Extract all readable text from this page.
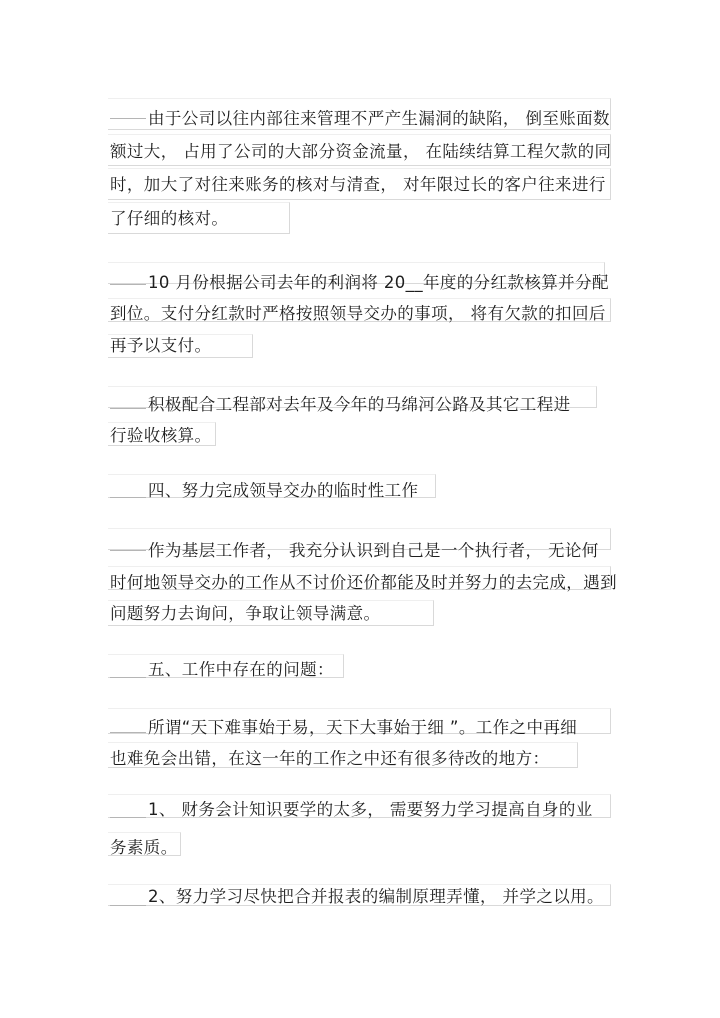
由于公司以往内部往来管理不严产生漏洞的缺陷， 倒至账面数
额过大， 占用了公司的大部分资金流量， 在陆续结算工程欠款的同
时，加大了对往来账务的核对与清查， 对年限过长的客户往来进行
了仔细的核对。
10 月份根据公司去年的利润将 20__年度的分红款核算并分配
到位。支付分红款时严格按照领导交办的事项， 将有欠款的扣回后
再予以支付。
积极配合工程部对去年及今年的马绵河公路及其它工程进
行验收核算。
四、努力完成领导交办的临时性工作
作为基层工作者， 我充分认识到自己是一个执行者， 无论何
时何地领导交办的工作从不讨价还价都能及时并努力的去完成，遇到
问题努力去询问，争取让领导满意。
五、工作中存在的问题：
所谓“天下难事始于易，天下大事始于细 ”。工作之中再细
也难免会出错，在这一年的工作之中还有很多待改的地方：
1、 财务会计知识要学的太多， 需要努力学习提高自身的业
务素质。
2、努力学习尽快把合并报表的编制原理弄懂， 并学之以用。
